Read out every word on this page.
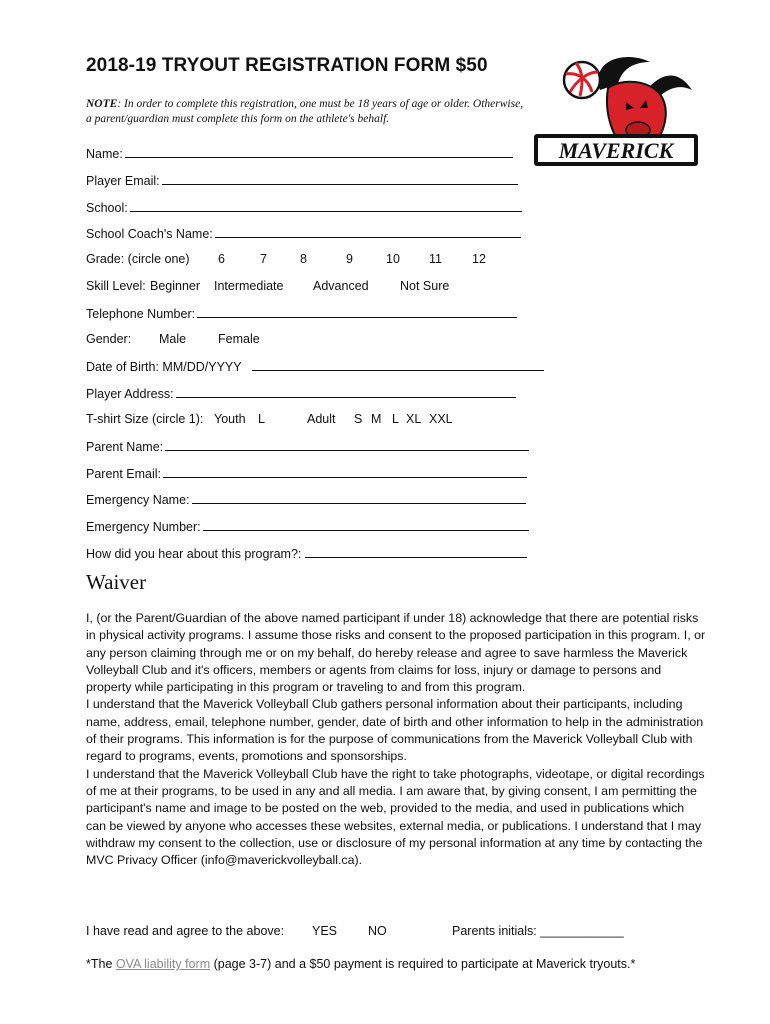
2018-19 TRYOUT REGISTRATION FORM $50
NOTE: In order to complete this registration, one must be 18 years of age or older. Otherwise, a parent/guardian must complete this form on the athlete's behalf.
MAVERICK
Name:
Player Email:
School:
School Coach's Name:
Grade: (circle one) 6	7	8	9	10 11 12
Skill Level: Beginner Intermediate Advanced	Not Sure
Telephone Number:
Gender: Male	Female
Date of Birth: MM/DD/YYYY
Player Address:
T-shirt Size (circle 1): Youth L	Adult S M L XL XXL
Parent Name:
Parent Email:
Emergency Name:
Emergency Number:
How did you hear about this program?:
Waiver

I, (or the Parent/Guardian of the above named participant if under 18) acknowledge that there are potential risks in physical activity programs. I assume those risks and consent to the proposed participation in this program. I, or any person claiming through me or on my behalf, do hereby release and agree to save harmless the Maverick Volleyball Club and it's officers, members or agents from claims for loss, injury or damage to persons and property while participating in this program or traveling to and from this program.

I understand that the Maverick Volleyball Club gathers personal information about their participants, including name, address, email, telephone number, gender, date of birth and other information to help in the administration of their programs. This information is for the purpose of communications from the Maverick Volleyball Club with regard to programs, events, promotions and sponsorships.

I understand that the Maverick Volleyball Club have the right to take photographs, videotape, or digital recordings of me at their programs, to be used in any and all media. I am aware that, by giving consent, I am permitting the participant's name and image to be posted on the web, provided to the media, and used in publications which can be viewed by anyone who accesses these websites, external media, or publications. I understand that I may withdraw my consent to the collection, use or disclosure of my personal information at any time by contacting the MVC Privacy Officer (info@maverickvolleyball.ca).

I have read and agree to the above: YES NO	Parents initials: ____________
*The OVA liability form (page 3-7) and a $50 payment is required to participate at Maverick tryouts.*
